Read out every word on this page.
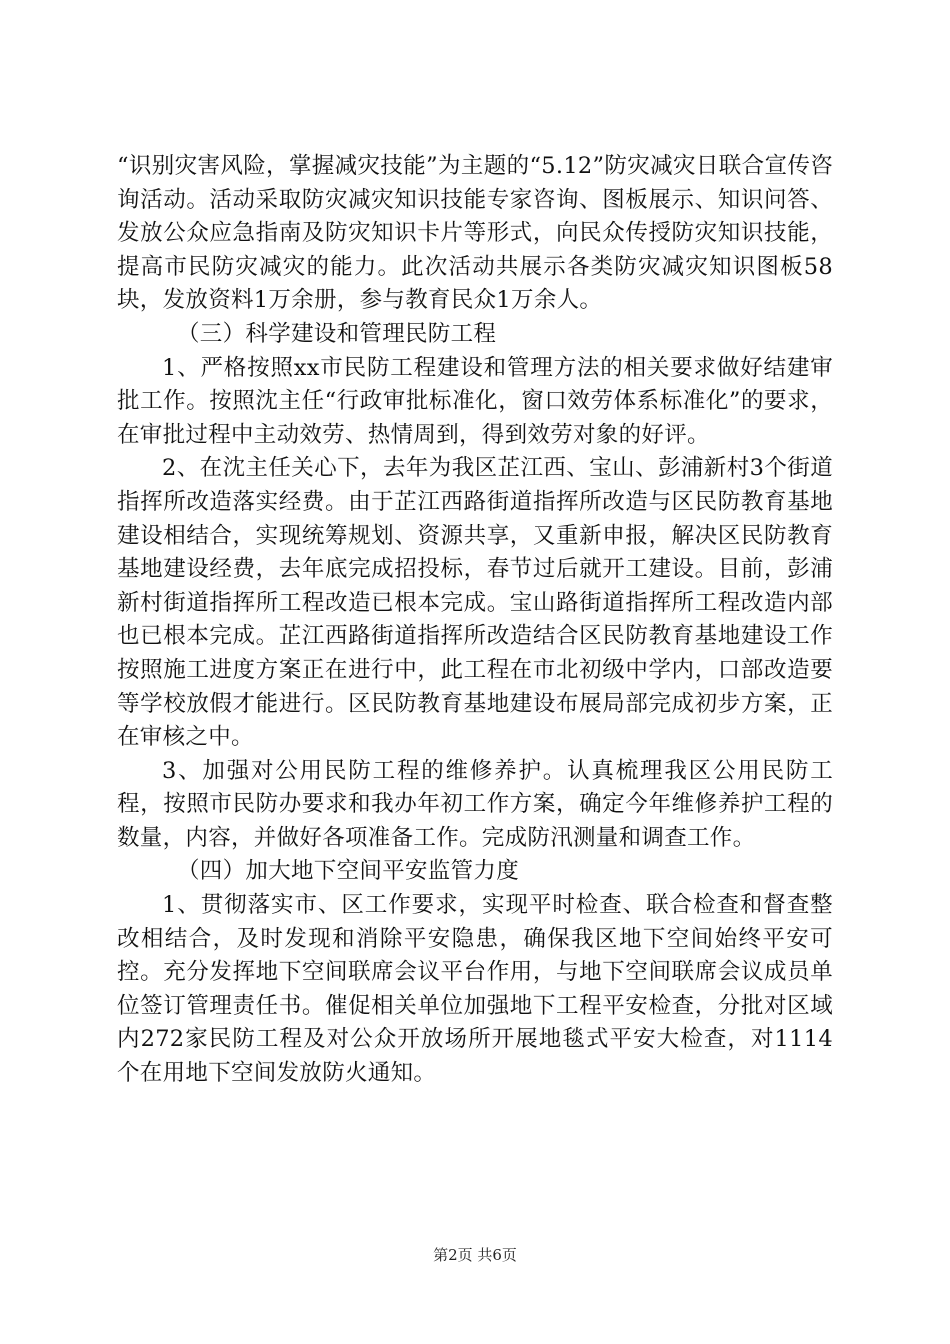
“识别灾害风险，掌握减灾技能”为主题的“5.12”防灾减灾日联合宣传咨询活动。活动采取防灾减灾知识技能专家咨询、图板展示、知识问答、发放公众应急指南及防灾知识卡片等形式，向民众传授防灾知识技能，提高市民防灾减灾的能力。此次活动共展示各类防灾减灾知识图板58块，发放资料1万余册，参与教育民众1万余人。

（三）科学建设和管理民防工程

1、严格按照xx市民防工程建设和管理方法的相关要求做好结建审批工作。按照沈主任“行政审批标准化，窗口效劳体系标准化”的要求，在审批过程中主动效劳、热情周到，得到效劳对象的好评。

2、在沈主任关心下，去年为我区芷江西、宝山、彭浦新村3个街道指挥所改造落实经费。由于芷江西路街道指挥所改造与区民防教育基地建设相结合，实现统筹规划、资源共享，又重新申报，解决区民防教育基地建设经费，去年底完成招投标，春节过后就开工建设。目前，彭浦新村街道指挥所工程改造已根本完成。宝山路街道指挥所工程改造内部也已根本完成。芷江西路街道指挥所改造结合区民防教育基地建设工作按照施工进度方案正在进行中，此工程在市北初级中学内，口部改造要等学校放假才能进行。区民防教育基地建设布展局部完成初步方案，正在审核之中。

3、加强对公用民防工程的维修养护。认真梳理我区公用民防工程，按照市民防办要求和我办年初工作方案，确定今年维修养护工程的数量，内容，并做好各项准备工作。完成防汛测量和调查工作。

（四）加大地下空间平安监管力度

1、贯彻落实市、区工作要求，实现平时检查、联合检查和督查整改相结合，及时发现和消除平安隐患，确保我区地下空间始终平安可控。充分发挥地下空间联席会议平台作用，与地下空间联席会议成员单位签订管理责任书。催促相关单位加强地下工程平安检查，分批对区域内272家民防工程及对公众开放场所开展地毯式平安大检查，对1114个在用地下空间发放防火通知。

第2页 共6页
